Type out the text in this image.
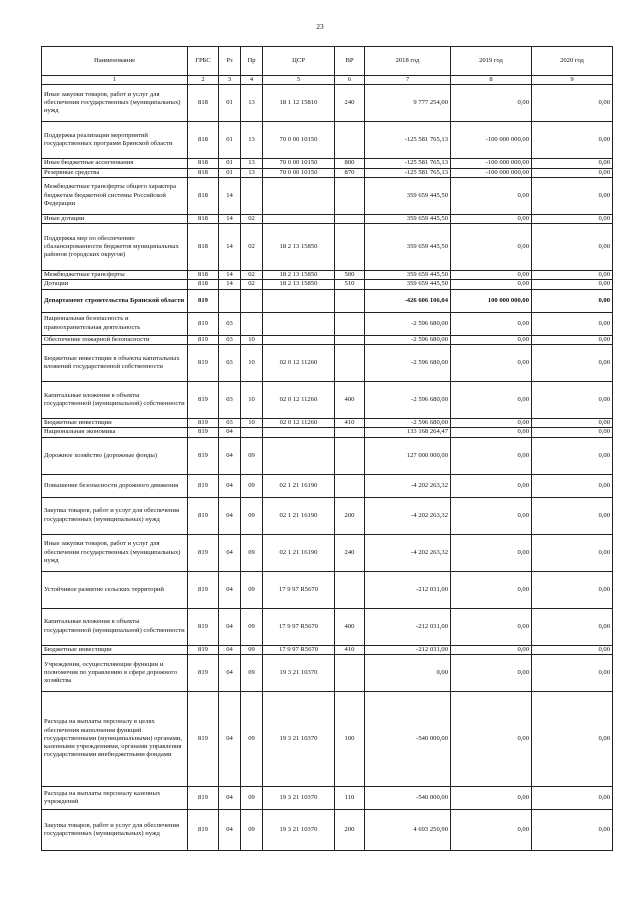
23
Наименование	ГРБС	Рз	Пр	ЦСР	ВР	2018 год	2019 год	2020 год
1	2	3	4	5	6	7	8	9
Иные закупки товаров, работ и услуг для обеспечения государственных (муниципальных) нужд	818	01	13	18 1 12 15810	240	9 777 254,00	0,00	0,00
Поддержка реализации мероприятий государственных программ Брянской области	818	01	13	70 0 00 10150		-125 581 765,13	-100 000 000,00	0,00
Иные бюджетные ассигнования	818	01	13	70 0 00 10150	800	-125 581 765,13	-100 000 000,00	0,00
Резервные средства	818	01	13	70 0 00 10150	870	-125 581 765,13	-100 000 000,00	0,00
Межбюджетные трансферты общего характера бюджетам бюджетной системы Российской Федерации	818	14				359 659 445,50	0,00	0,00
Иные дотации	818	14	02			359 659 445,50	0,00	0,00
Поддержка мер по обеспечению сбалансированности бюджетов муниципальных районов (городских округов)	818	14	02	18 2 13 15850		359 659 445,50	0,00	0,00
Межбюджетные трансферты	818	14	02	18 2 13 15850	500	359 659 445,50	0,00	0,00
Дотации	818	14	02	18 2 13 15850	510	359 659 445,50	0,00	0,00
Департамент строительства Брянской области	819					-426 606 106,04	100 000 000,00	0,00
Национальная безопасность и правоохранительная деятельность	819	03				-2 596 680,00	0,00	0,00
Обеспечение пожарной безопасности	819	03	10			-2 596 680,00	0,00	0,00
Бюджетные инвестиции в объекты капитальных вложений государственной собственности	819	03	10	02 0 12 11260		-2 596 680,00	0,00	0,00
Капитальные вложения в объекты государственной (муниципальной) собственности	819	03	10	02 0 12 11260	400	-2 596 680,00	0,00	0,00
Бюджетные инвестиции	819	03	10	02 0 12 11260	410	-2 596 680,00	0,00	0,00
Национальная экономика	819	04				133 168 264,47	0,00	0,00
Дорожное хозяйство (дорожные фонды)	819	04	09			127 000 000,00	0,00	0,00
Повышение безопасности дорожного движения	819	04	09	02 1 21 16190		-4 202 263,32	0,00	0,00
Закупка товаров, работ и услуг для обеспечения государственных (муниципальных) нужд	819	04	09	02 1 21 16190	200	-4 202 263,32	0,00	0,00
Иные закупки товаров, работ и услуг для обеспечения государственных (муниципальных) нужд	819	04	09	02 1 21 16190	240	-4 202 263,32	0,00	0,00
Устойчивое развитие сельских территорий	819	04	09	17 9 97 R5670		-212 031,00	0,00	0,00
Капитальные вложения в объекты государственной (муниципальной) собственности	819	04	09	17 9 97 R5670	400	-212 031,00	0,00	0,00
Бюджетные инвестиции	819	04	09	17 9 97 R5670	410	-212 031,00	0,00	0,00
Учреждения, осуществляющие функции и полномочия по управлению в сфере дорожного хозяйства	819	04	09	19 3 21 10370		0,00	0,00	0,00
Расходы на выплаты персоналу в целях обеспечения выполнения функций государственными (муниципальными) органами, казенными учреждениями, органами управления государственными внебюджетными фондами	819	04	09	19 3 21 10370	100	-540 000,00	0,00	0,00
Расходы на выплаты персоналу казенных учреждений	819	04	09	19 3 21 10370	110	-540 000,00	0,00	0,00
Закупка товаров, работ и услуг для обеспечения государственных (муниципальных) нужд	819	04	09	19 3 21 10370	200	4 693 250,90	0,00	0,00
